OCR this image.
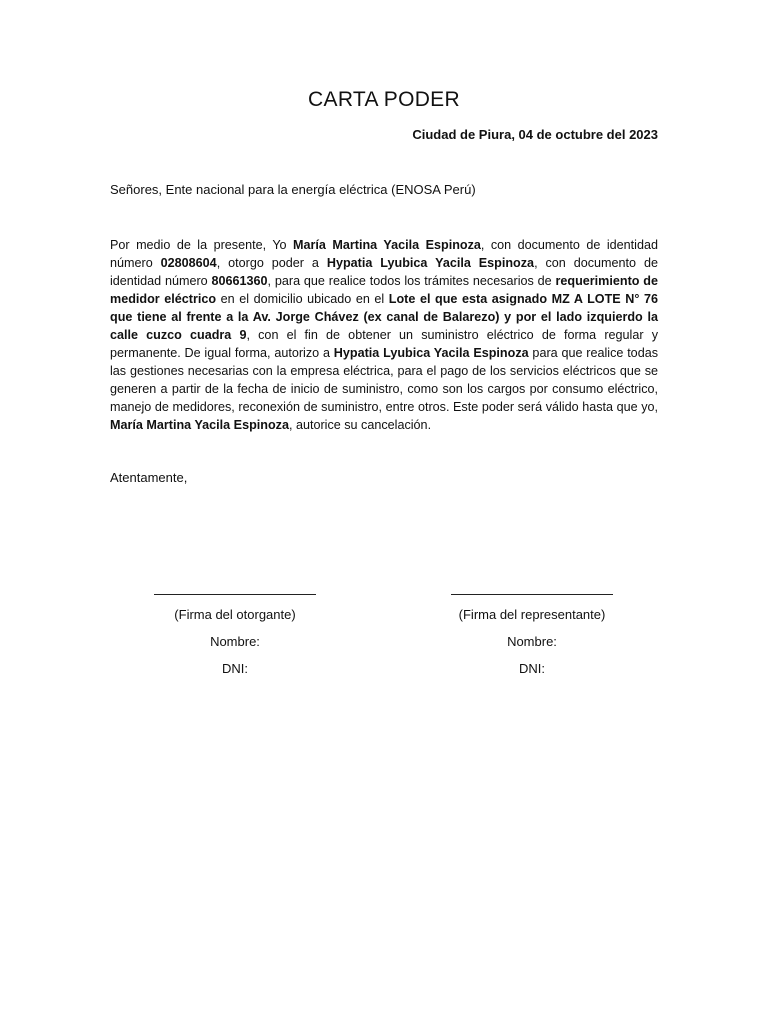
CARTA PODER
Ciudad de Piura, 04 de octubre del 2023
Señores, Ente nacional para la energía eléctrica (ENOSA Perú)

Por medio de la presente, Yo María Martina Yacila Espinoza, con documento de identidad número 02808604, otorgo poder a Hypatia Lyubica Yacila Espinoza, con documento de identidad número 80661360, para que realice todos los trámites necesarios de requerimiento de medidor eléctrico en el domicilio ubicado en el Lote el que esta asignado MZ A LOTE N° 76 que tiene al frente a la Av. Jorge Chávez (ex canal de Balarezo) y por el lado izquierdo la calle cuzco cuadra 9, con el fin de obtener un suministro eléctrico de forma regular y permanente. De igual forma, autorizo a Hypatia Lyubica Yacila Espinoza para que realice todas las gestiones necesarias con la empresa eléctrica, para el pago de los servicios eléctricos que se generen a partir de la fecha de inicio de suministro, como son los cargos por consumo eléctrico, manejo de medidores, reconexión de suministro, entre otros. Este poder será válido hasta que yo, María Martina Yacila Espinoza, autorice su cancelación.

Atentamente,
(Firma del otorgante)
Nombre:
DNI:
(Firma del representante)
Nombre:
DNI:
